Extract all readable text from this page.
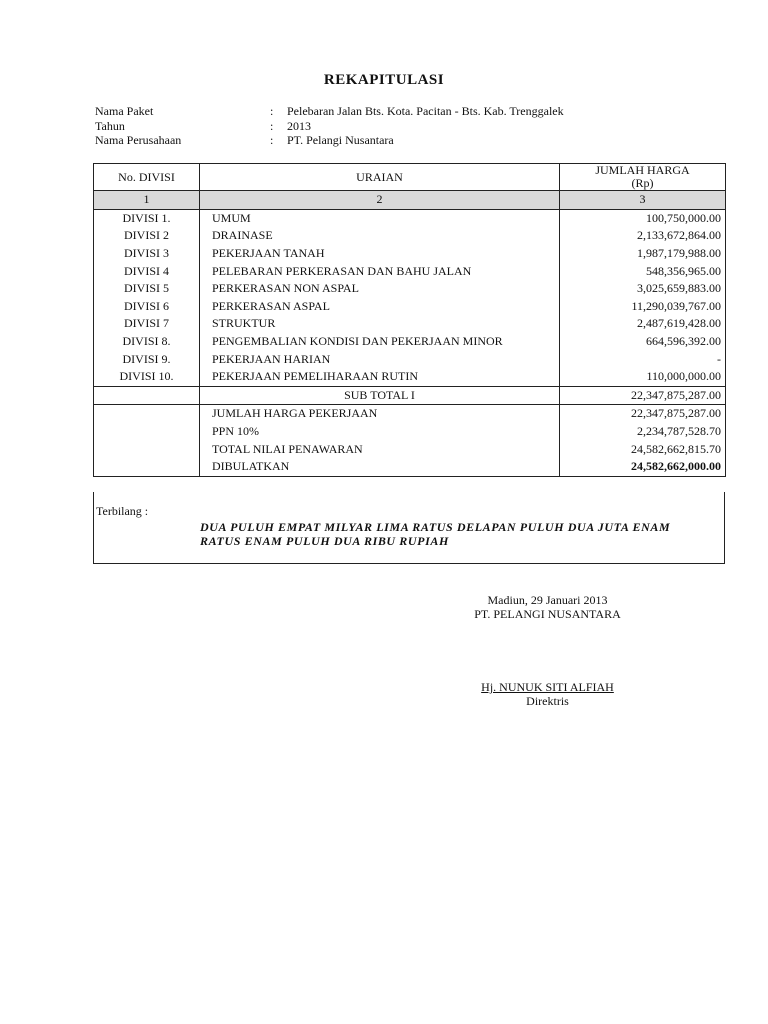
REKAPITULASI
Nama Paket	: Pelebaran Jalan Bts. Kota. Pacitan - Bts. Kab. Trenggalek
Tahun	: 2013
Nama Perusahaan	: PT. Pelangi Nusantara
No. DIVISI	URAIAN	JUMLAH HARGA
(Rp)

1	2	3
DIVISI 1.	UMUM	100,750,000.00
DIVISI 2	DRAINASE	2,133,672,864.00
DIVISI 3	PEKERJAAN TANAH	1,987,179,988.00
DIVISI 4	PELEBARAN PERKERASAN DAN BAHU JALAN	548,356,965.00
DIVISI 5	PERKERASAN NON ASPAL	3,025,659,883.00
DIVISI 6	PERKERASAN ASPAL	11,290,039,767.00
DIVISI 7	STRUKTUR	2,487,619,428.00
DIVISI 8.	PENGEMBALIAN KONDISI DAN PEKERJAAN MINOR	664,596,392.00
DIVISI 9.	PEKERJAAN HARIAN	-
DIVISI 10.	PEKERJAAN PEMELIHARAAN RUTIN	110,000,000.00
	SUB TOTAL I	22,347,875,287.00
	JUMLAH HARGA PEKERJAAN	22,347,875,287.00
	PPN 10%	2,234,787,528.70
	TOTAL NILAI PENAWARAN	24,582,662,815.70
	DIBULATKAN	24,582,662,000.00
Terbilang :
DUA PULUH EMPAT MILYAR LIMA RATUS DELAPAN PULUH DUA JUTA ENAM
RATUS ENAM PULUH DUA RIBU RUPIAH
Madiun, 29 Januari 2013
PT. PELANGI NUSANTARA
Hj. NUNUK SITI ALFIAH
Direktris
